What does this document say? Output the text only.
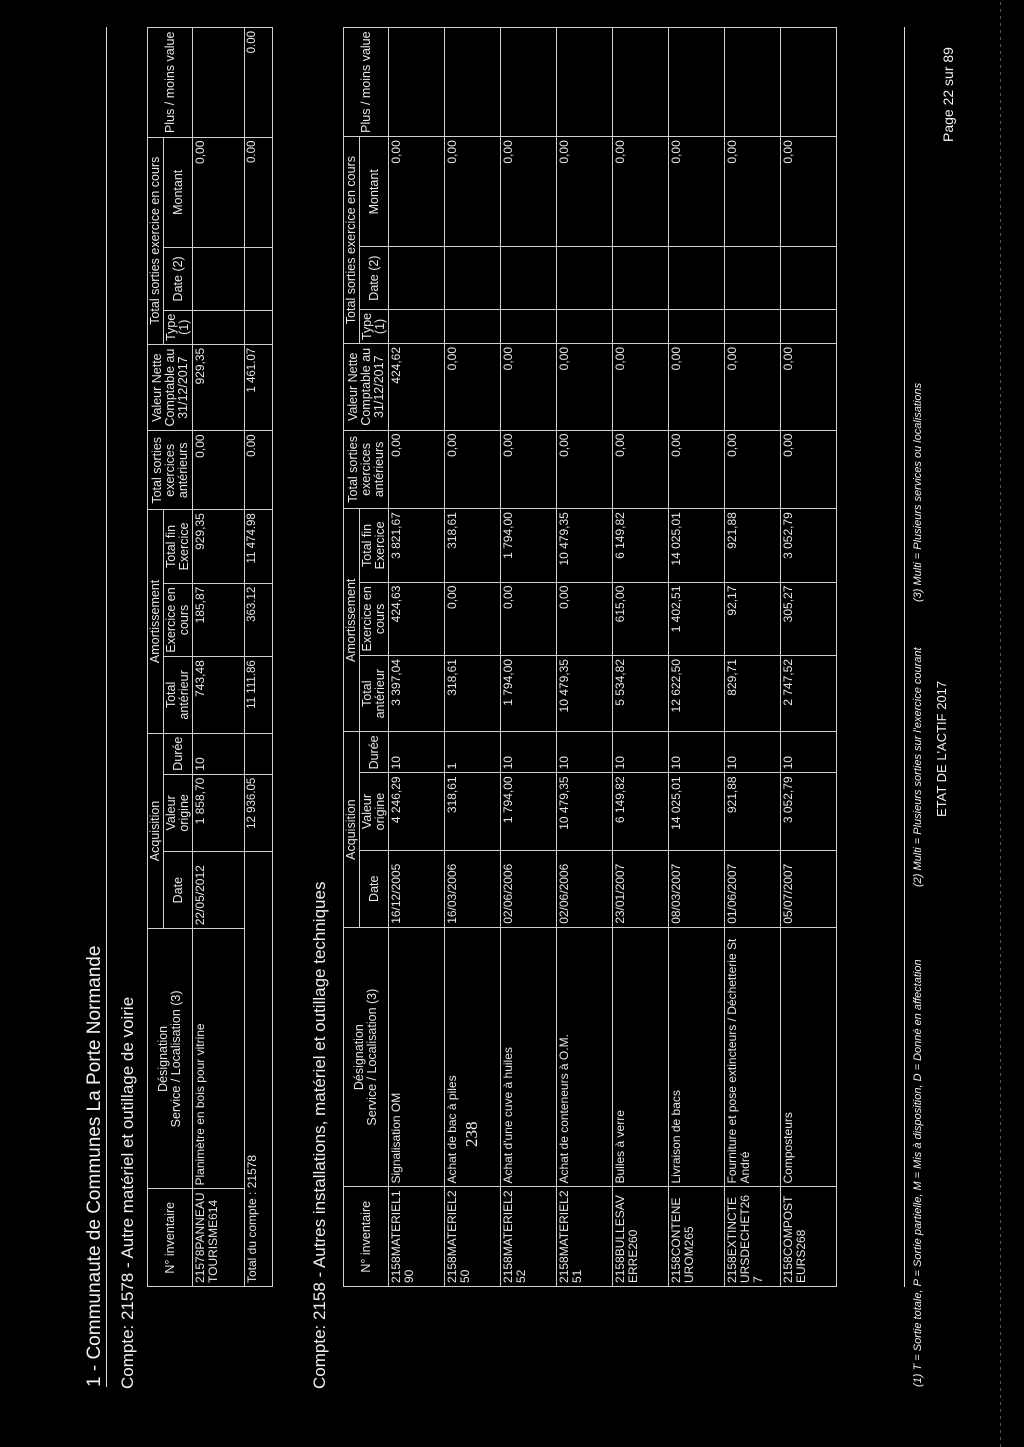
1 - Communaute de Communes La Porte Normande Compte: 21578 - Autre matériel et outillage de voirie N° inventaire	Désignation
Service / Localisation (3)	Acquisition			Amortissement			Total sorties exercices antérieurs	Valeur Nette Comptable au 31/12/2017	Total sorties exercice en cours			Plus / moins value
		Date	Valeur origine	Durée	Total antérieur	Exercice en cours	Total fin Exercice			Type (1)	Date (2)	Montant	
21578PANNEAU TOURISME614	Planimètre en bois pour vitrine	22/05/2012	1 858,70	10	743,48	185,87	929,35	0,00	929,35			0,00	
Total du compte : 21578			12 936.05		11 111.86	363.12	11 474.98	0.00	1 461.07			0.00	0.00
Compte: 2158 - Autres installations, matériel et outillage techniques N° inventaire	Désignation
Service / Localisation (3)	Acquisition			Amortissement			Total sorties exercices antérieurs	Valeur Nette Comptable au 31/12/2017	Total sorties exercice en cours			Plus / moins value
		Date	Valeur origine	Durée	Total antérieur	Exercice en cours	Total fin Exercice			Type (1)	Date (2)	Montant	
2158MATERIEL1 90	Signalisation OM	16/12/2005	4 246,29	10	3 397,04	424,63	3 821,67	0,00	424,62			0,00	
2158MATERIEL2 50	Achat de bac à piles	16/03/2006	318,61	1	318,61	0,00	318,61	0,00	0,00			0,00	
2158MATERIEL2 52	Achat d'une cuve à huiles	02/06/2006	1 794,00	10	1 794,00	0,00	1 794,00	0,00	0,00			0,00	
2158MATERIEL2 51	Achat de conteneurs à O.M.	02/06/2006	10 479,35	10	10 479,35	0,00	10 479,35	0,00	0,00			0,00	
2158BULLESAV ERRE260	Bulles à verre	23/01/2007	6 149,82	10	5 534,82	615,00	6 149,82	0,00	0,00			0,00	
2158CONTENE UROM265	Livraison de bacs	08/03/2007	14 025,01	10	12 622,50	1 402,51	14 025,01	0,00	0,00			0,00	
2158EXTINCTE URSDECHET26 7	Fourniture et pose extincteurs / Déchetterie St André	01/06/2007	921,88	10	829,71	92,17	921,88	0,00	0,00			0,00	
2158COMPOST EURS268	Composteurs	05/07/2007	3 052,79	10	2 747,52	305,27	3 052,79	0,00	0,00			0,00	
238	(1) T = Sortie totale, P = Sortie partielle, M = Mis à disposition, D = Donné en affectation
(2) Multi = Plusieurs sorties sur l'exercice courant
(3) Multi = Plusieurs services ou localisations
ETAT DE L'ACTIF 2017
Page 22 sur 89
